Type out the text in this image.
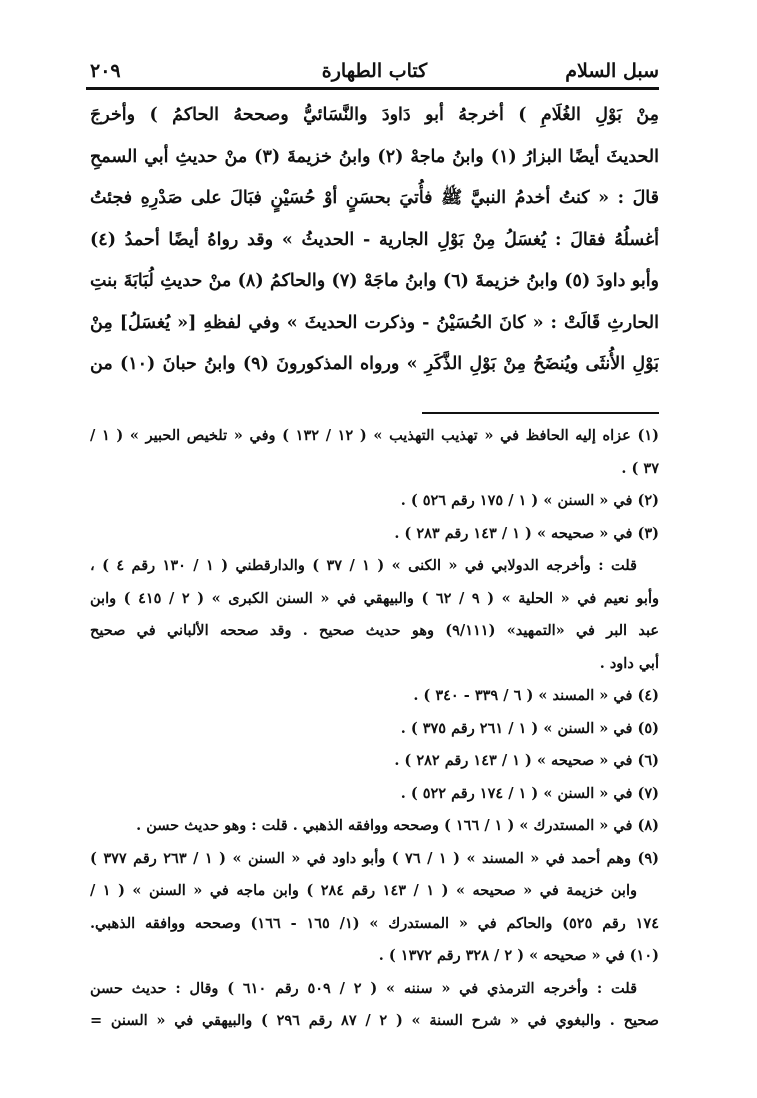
سبل السلام
كتاب الطهارة
٢٠٩
مِنْ بَوْلِ الغُلَامِ ) أخرجهُ أبو دَاودَ والنَّسَائيُّ وصححهُ الحاكمُ ) وأخرجَ
الحديثَ أيضًا البزارُ (١) وابنُ ماجهْ (٢) وابنُ خزيمةَ (٣) منْ حديثِ أبي السمحِ
قالَ : « كنتُ أخدمُ النبيَّ ﷺ فأُتيَ بحسَنٍ أوْ حُسَيْنٍ فبَالَ على صَدْرِهِ فجئتُ
أغسلُهُ فقالَ : يُغسَلُ مِنْ بَوْلِ الجارية - الحديثُ » وقد رواهُ أيضًا أحمدُ (٤)
وأبو داودَ (٥) وابنُ خزيمةَ (٦) وابنُ ماجَهْ (٧) والحاكمُ (٨) منْ حديثِ لُبَابَةَ بنتِ
الحارثِ قَالَتْ : « كانَ الحُسَيْنُ - وذكرت الحديثَ » وفي لفظهِ [« يُغسَلُ] مِنْ
بَوْلِ الأُنثَى ويُنضَحُ مِنْ بَوْلِ الذَّكَرِ » ورواه المذكورونَ (٩) وابنُ حبانَ (١٠) من
(١) عزاه إليه الحافظ في « تهذيب التهذيب » ( ١٢ / ١٣٢ ) وفي « تلخيص الحبير » ( ١ /
٣٧ ) .
(٢) في « السنن » ( ١ / ١٧٥ رقم ٥٢٦ ) .
(٣) في « صحيحه » ( ١ / ١٤٣ رقم ٢٨٣ ) .
قلت : وأخرجه الدولابي في « الكنى » ( ١ / ٣٧ ) والدارقطني ( ١ / ١٣٠ رقم ٤ ) ،
وأبو نعيم في « الحلية » ( ٩ / ٦٢ ) والبيهقي في « السنن الكبرى » ( ٢ / ٤١٥ ) وابن
عبد البر في «التمهيد» (٩/١١١) وهو حديث صحيح . وقد صححه الألباني في صحيح
أبي داود .
(٤) في « المسند » ( ٦ / ٣٣٩ - ٣٤٠ ) .
(٥) في « السنن » ( ١ / ٢٦١ رقم ٣٧٥ ) .
(٦) في « صحيحه » ( ١ / ١٤٣ رقم ٢٨٢ ) .
(٧) في « السنن » ( ١ / ١٧٤ رقم ٥٢٢ ) .
(٨) في « المستدرك » ( ١ / ١٦٦ ) وصححه ووافقه الذهبي . قلت : وهو حديث حسن .
(٩) وهم أحمد في « المسند » ( ١ / ٧٦ ) وأبو داود في « السنن » ( ١ / ٢٦٣ رقم ٣٧٧ )
وابن خزيمة في « صحيحه » ( ١ / ١٤٣ رقم ٢٨٤ ) وابن ماجه في « السنن » ( ١ /
١٧٤ رقم ٥٢٥) والحاكم في « المستدرك » (١/ ١٦٥ - ١٦٦) وصححه ووافقه الذهبي.
(١٠) في « صحيحه » ( ٢ / ٣٢٨ رقم ١٣٧٢ ) .
قلت : وأخرجه الترمذي في « سننه » ( ٢ / ٥٠٩ رقم ٦١٠ ) وقال : حديث حسن
صحيح . والبغوي في « شرح السنة » ( ٢ / ٨٧ رقم ٢٩٦ ) والبيهقي في « السنن =
